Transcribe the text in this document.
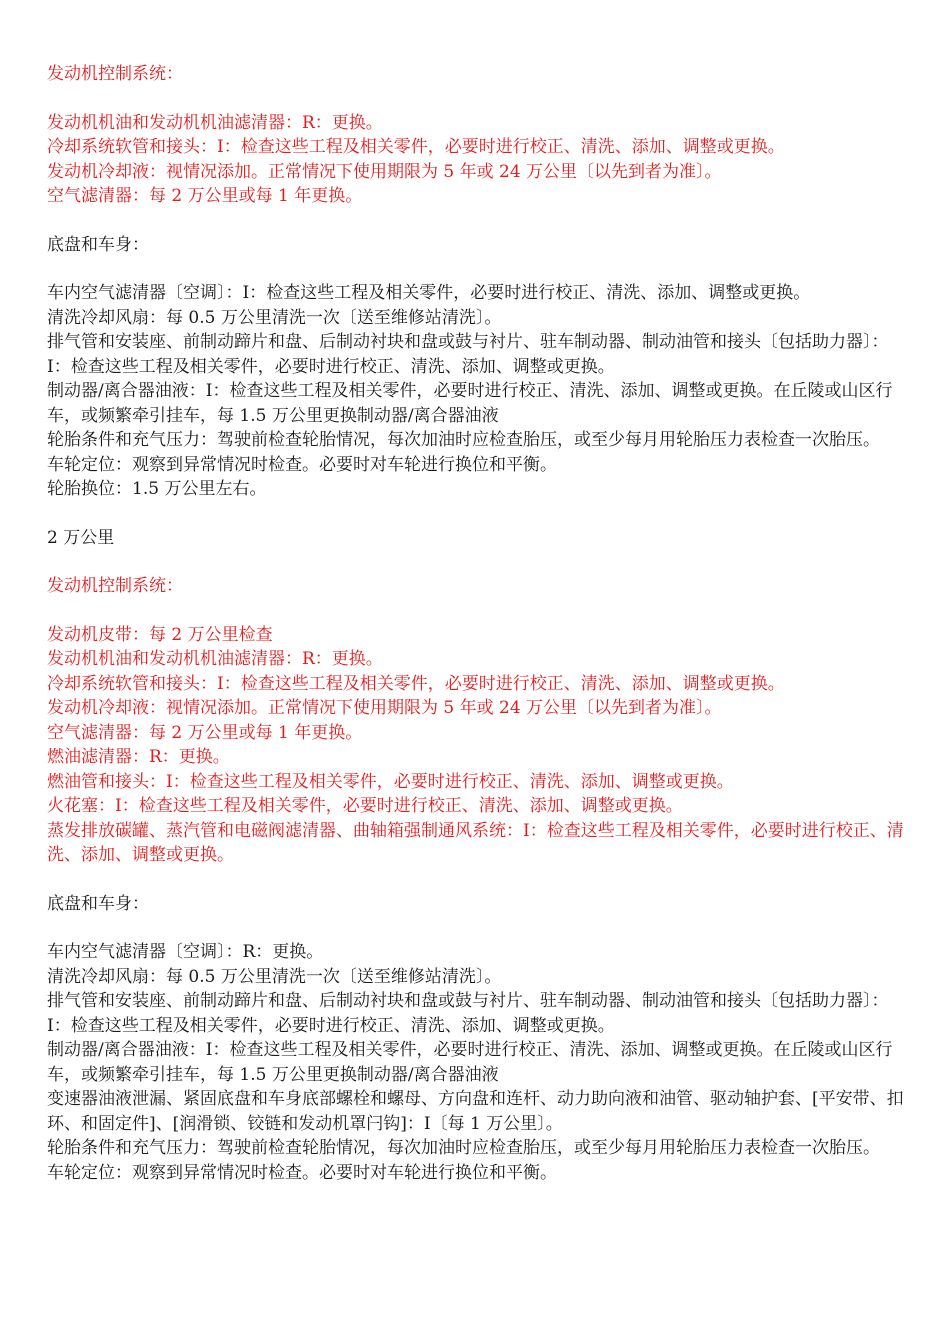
发动机控制系统：

发动机机油和发动机机油滤清器：R：更换。

冷却系统软管和接头：I：检查这些工程及相关零件，必要时进行校正、清洗、添加、调整或更换。

发动机冷却液：视情况添加。正常情况下使用期限为 5 年或 24 万公里〔以先到者为准〕。

空气滤清器：每 2 万公里或每 1 年更换。

底盘和车身：

车内空气滤清器〔空调〕：I：检查这些工程及相关零件，必要时进行校正、清洗、添加、调整或更换。

清洗冷却风扇：每 0.5 万公里清洗一次〔送至维修站清洗〕。

排气管和安装座、前制动蹄片和盘、后制动衬块和盘或鼓与衬片、驻车制动器、制动油管和接头〔包括助力器〕：I：检查这些工程及相关零件，必要时进行校正、清洗、添加、调整或更换。

制动器/离合器油液：I：检查这些工程及相关零件，必要时进行校正、清洗、添加、调整或更换。在丘陵或山区行车，或频繁牵引挂车，每 1.5 万公里更换制动器/离合器油液

轮胎条件和充气压力：驾驶前检查轮胎情况，每次加油时应检查胎压，或至少每月用轮胎压力表检查一次胎压。

车轮定位：观察到异常情况时检查。必要时对车轮进行换位和平衡。

轮胎换位：1.5 万公里左右。

2 万公里

发动机控制系统：

发动机皮带：每 2 万公里检查

发动机机油和发动机机油滤清器：R：更换。

冷却系统软管和接头：I：检查这些工程及相关零件，必要时进行校正、清洗、添加、调整或更换。

发动机冷却液：视情况添加。正常情况下使用期限为 5 年或 24 万公里〔以先到者为准〕。

空气滤清器：每 2 万公里或每 1 年更换。

燃油滤清器：R：更换。

燃油管和接头：I：检查这些工程及相关零件，必要时进行校正、清洗、添加、调整或更换。

火花塞：I：检查这些工程及相关零件，必要时进行校正、清洗、添加、调整或更换。

蒸发排放碳罐、蒸汽管和电磁阀滤清器、曲轴箱强制通风系统：I：检查这些工程及相关零件，必要时进行校正、清洗、添加、调整或更换。

底盘和车身：

车内空气滤清器〔空调〕：R：更换。

清洗冷却风扇：每 0.5 万公里清洗一次〔送至维修站清洗〕。

排气管和安装座、前制动蹄片和盘、后制动衬块和盘或鼓与衬片、驻车制动器、制动油管和接头〔包括助力器〕：I：检查这些工程及相关零件，必要时进行校正、清洗、添加、调整或更换。

制动器/离合器油液：I：检查这些工程及相关零件，必要时进行校正、清洗、添加、调整或更换。在丘陵或山区行车，或频繁牵引挂车，每 1.5 万公里更换制动器/离合器油液

变速器油液泄漏、紧固底盘和车身底部螺栓和螺母、方向盘和连杆、动力助向液和油管、驱动轴护套、[平安带、扣环、和固定件]、[润滑锁、铰链和发动机罩闩钩]：I〔每 1 万公里〕。

轮胎条件和充气压力：驾驶前检查轮胎情况，每次加油时应检查胎压，或至少每月用轮胎压力表检查一次胎压。

车轮定位：观察到异常情况时检查。必要时对车轮进行换位和平衡。
